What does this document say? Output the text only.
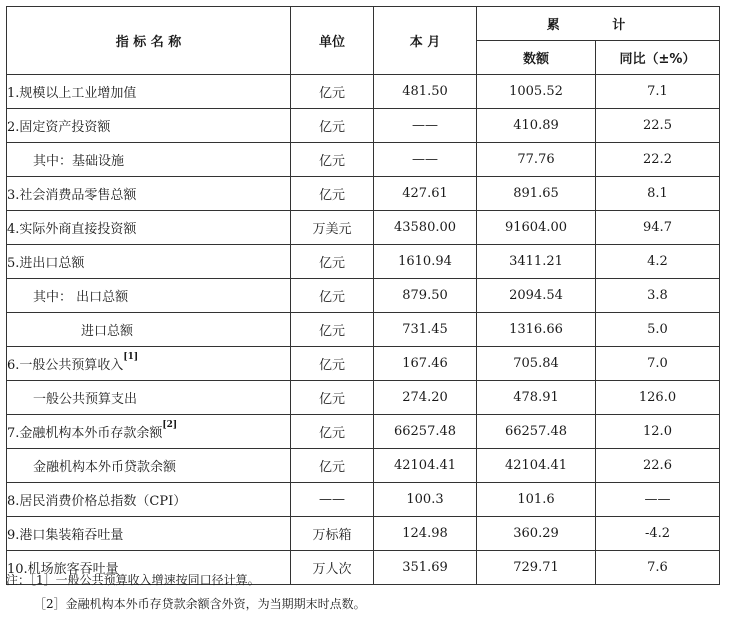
指 标 名 称	单位	本 月	累 计	
			数额	同比（±%）
1.规模以上工业增加值	亿元	481.50	1005.52	7.1
2.固定资产投资额	亿元	——	410.89	22.5
其中：基础设施	亿元	——	77.76	22.2
3.社会消费品零售总额	亿元	427.61	891.65	8.1
4.实际外商直接投资额	万美元	43580.00	91604.00	94.7
5.进出口总额	亿元	1610.94	3411.21	4.2
其中： 出口总额	亿元	879.50	2094.54	3.8
进口总额	亿元	731.45	1316.66	5.0
6.一般公共预算收入[1]	亿元	167.46	705.84	7.0
一般公共预算支出	亿元	274.20	478.91	126.0
7.金融机构本外币存款余额[2]	亿元	66257.48	66257.48	12.0
金融机构本外币贷款余额	亿元	42104.41	42104.41	22.6
8.居民消费价格总指数（CPI）	——	100.3	101.6	——
9.港口集装箱吞吐量	万标箱	124.98	360.29	-4.2
10.机场旅客吞吐量	万人次	351.69	729.71	7.6
注：［1］一般公共预算收入增速按同口径计算。
［2］金融机构本外币存贷款余额含外资，为当期期末时点数。
